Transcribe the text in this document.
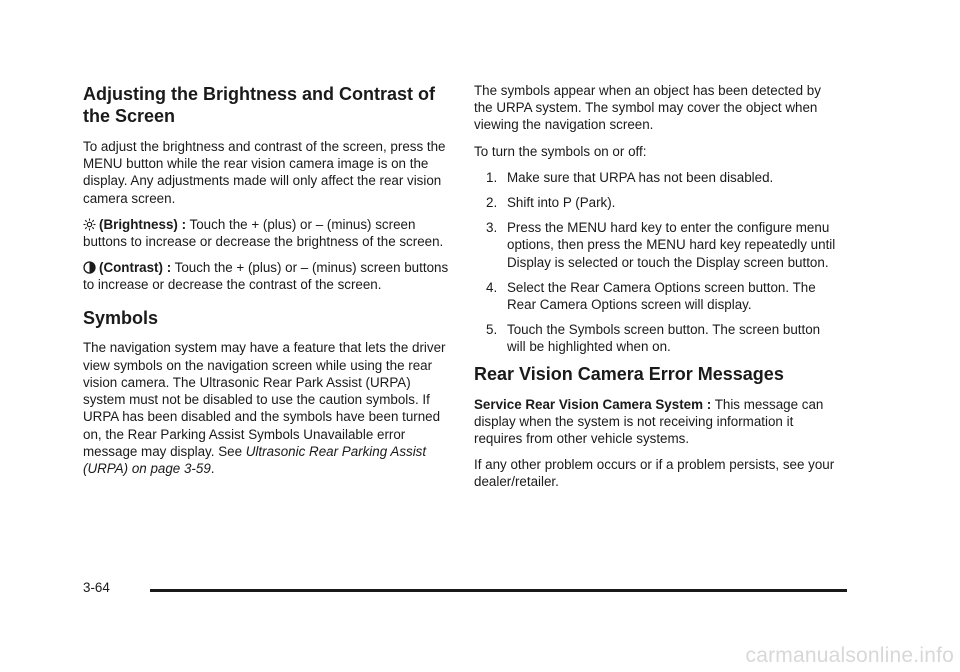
Adjusting the Brightness and Contrast of the Screen

To adjust the brightness and contrast of the screen, press the MENU button while the rear vision camera image is on the display. Any adjustments made will only affect the rear vision camera screen.

(Brightness) : Touch the + (plus) or – (minus) screen buttons to increase or decrease the brightness of the screen.

(Contrast) : Touch the + (plus) or – (minus) screen buttons to increase or decrease the contrast of the screen.

Symbols

The navigation system may have a feature that lets the driver view symbols on the navigation screen while using the rear vision camera. The Ultrasonic Rear Park Assist (URPA) system must not be disabled to use the caution symbols. If URPA has been disabled and the symbols have been turned on, the Rear Parking Assist Symbols Unavailable error message may display. See Ultrasonic Rear Parking Assist (URPA) on page 3-59.

The symbols appear when an object has been detected by the URPA system. The symbol may cover the object when viewing the navigation screen.

To turn the symbols on or off:

1. Make sure that URPA has not been disabled.
2. Shift into P (Park).
3. Press the MENU hard key to enter the configure menu options, then press the MENU hard key repeatedly until Display is selected or touch the Display screen button.
4. Select the Rear Camera Options screen button. The Rear Camera Options screen will display.
5. Touch the Symbols screen button. The screen button will be highlighted when on.
Rear Vision Camera Error Messages

Service Rear Vision Camera System : This message can display when the system is not receiving information it requires from other vehicle systems.

If any other problem occurs or if a problem persists, see your dealer/retailer.

3-64
carmanualsonline.info
